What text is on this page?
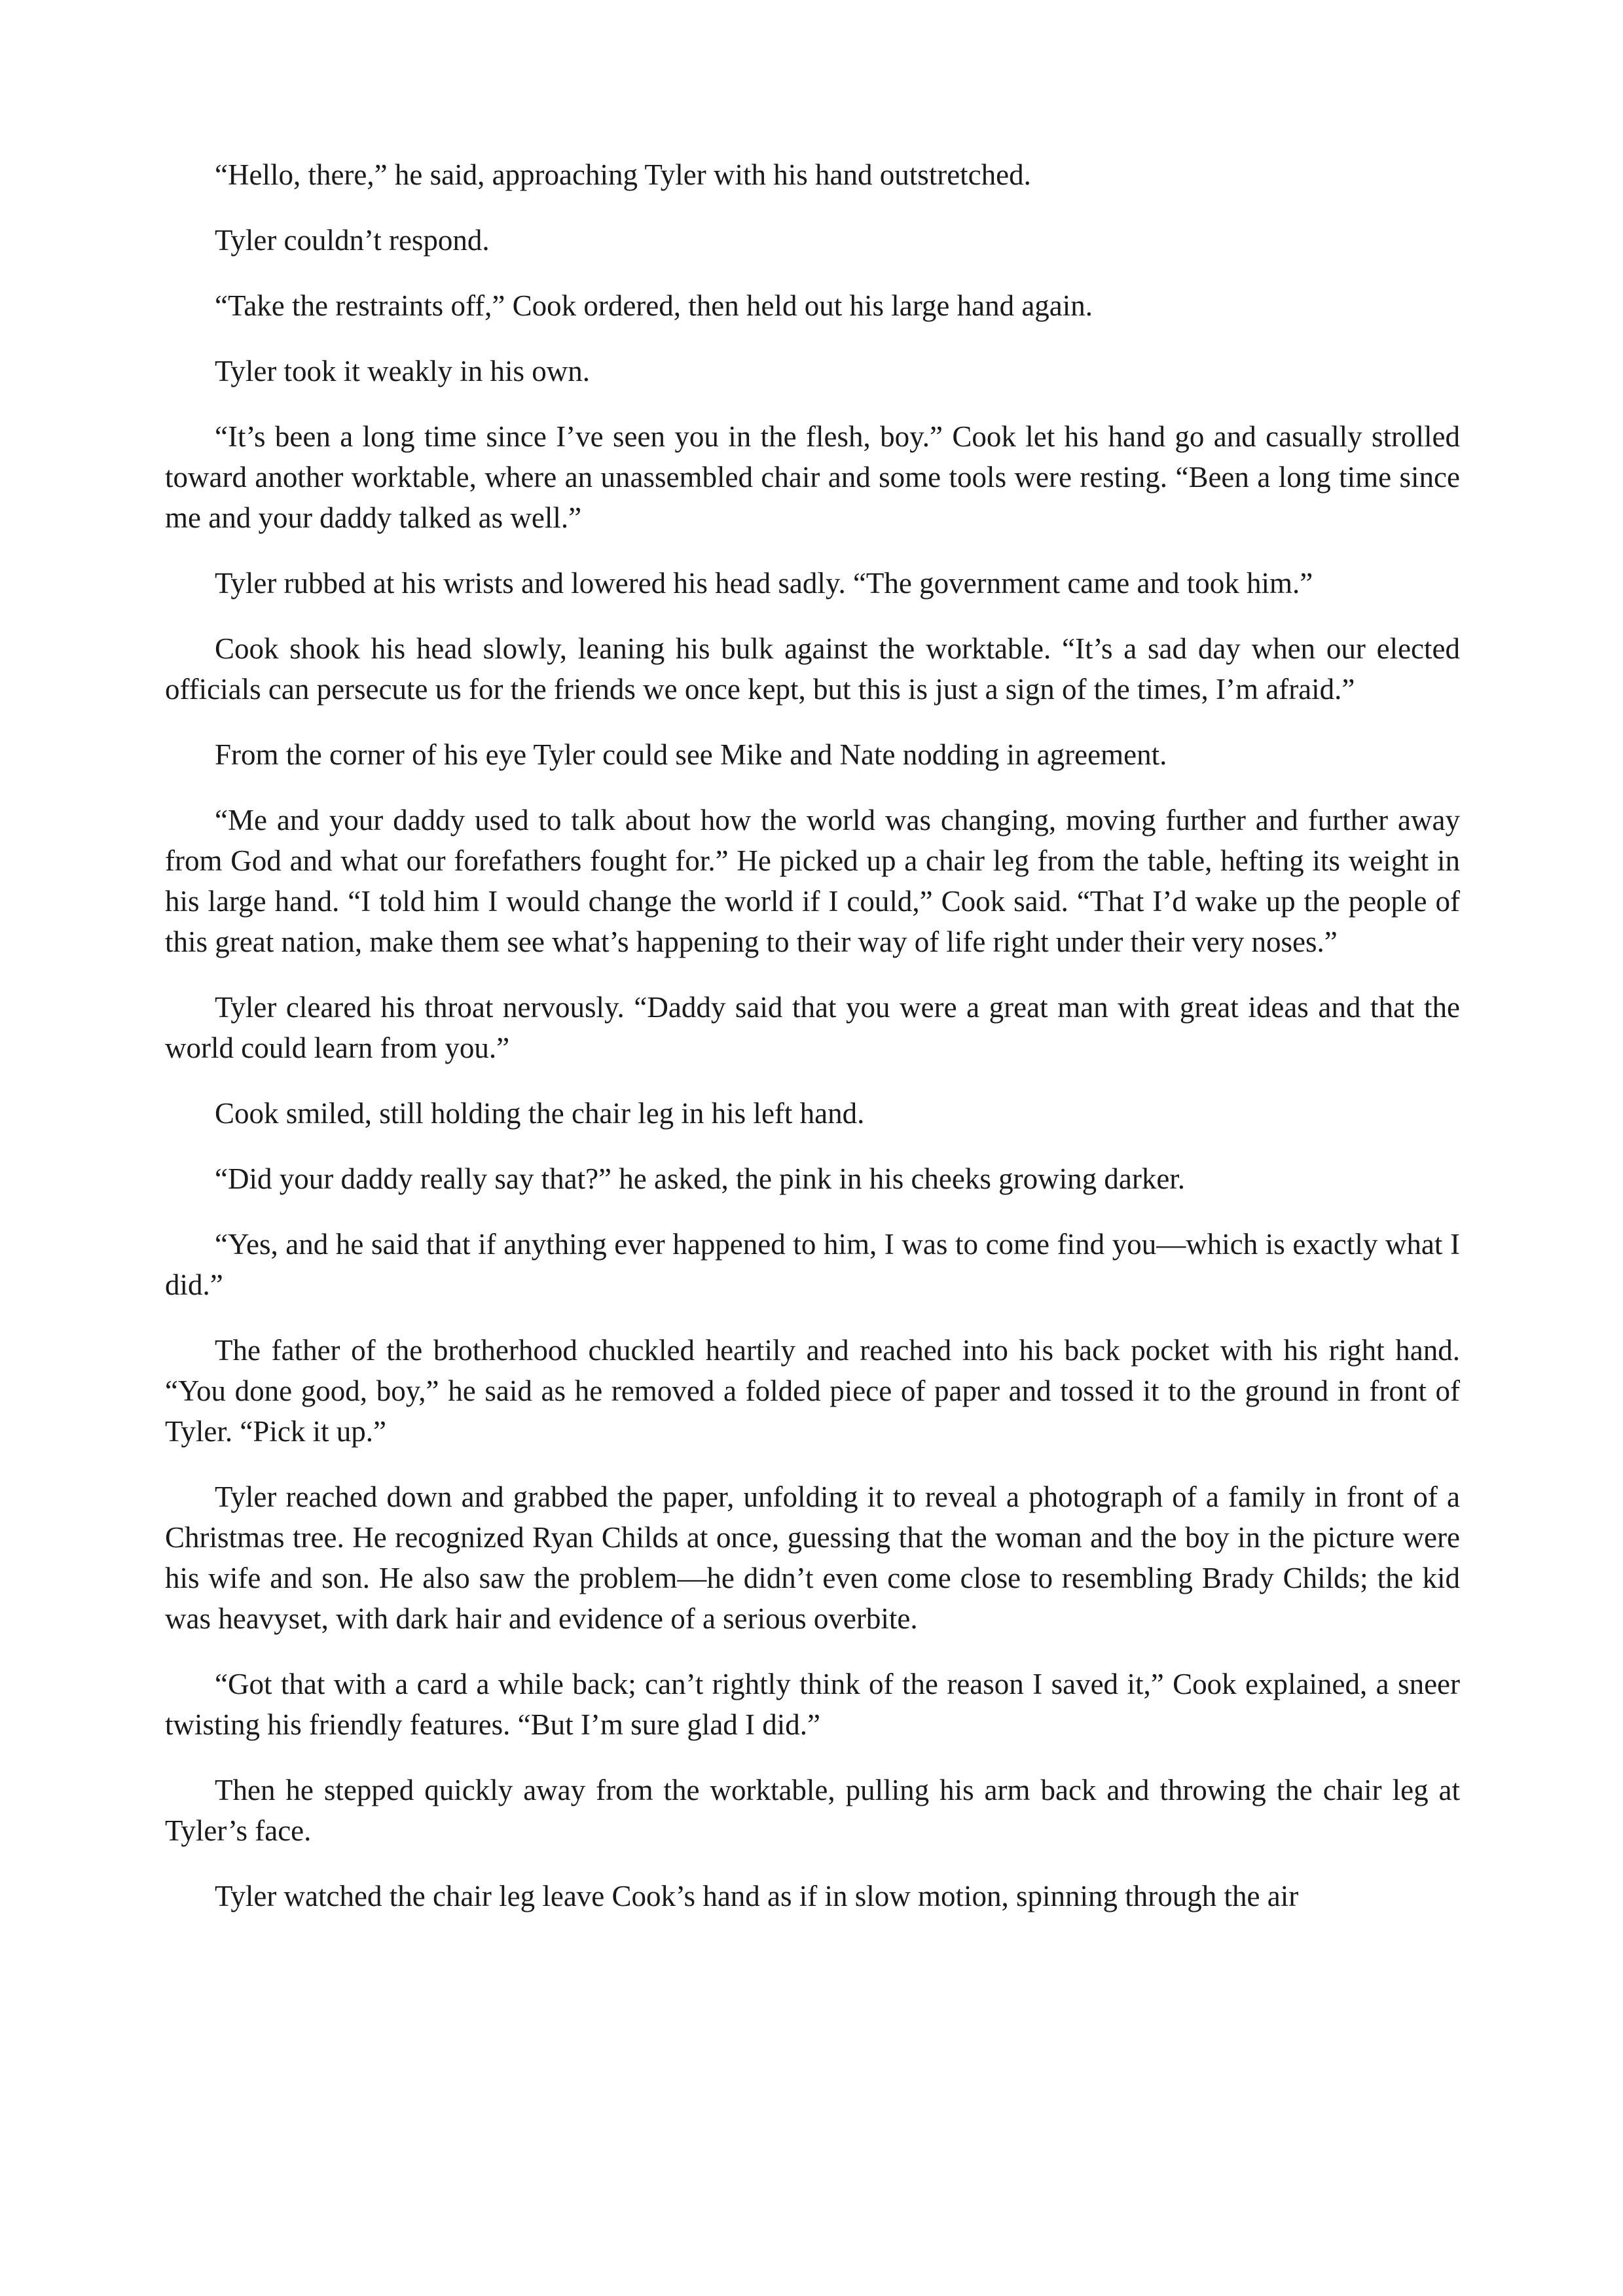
“Hello, there,” he said, approaching Tyler with his hand outstretched.

Tyler couldn’t respond.

“Take the restraints off,” Cook ordered, then held out his large hand again.

Tyler took it weakly in his own.

“It’s been a long time since I’ve seen you in the flesh, boy.” Cook let his hand go and casually strolled toward another worktable, where an unassembled chair and some tools were resting. “Been a long time since me and your daddy talked as well.”

Tyler rubbed at his wrists and lowered his head sadly. “The government came and took him.”

Cook shook his head slowly, leaning his bulk against the worktable. “It’s a sad day when our elected officials can persecute us for the friends we once kept, but this is just a sign of the times, I’m afraid.”

From the corner of his eye Tyler could see Mike and Nate nodding in agreement.

“Me and your daddy used to talk about how the world was changing, moving further and further away from God and what our forefathers fought for.” He picked up a chair leg from the table, hefting its weight in his large hand. “I told him I would change the world if I could,” Cook said. “That I’d wake up the people of this great nation, make them see what’s happening to their way of life right under their very noses.”

Tyler cleared his throat nervously. “Daddy said that you were a great man with great ideas and that the world could learn from you.”

Cook smiled, still holding the chair leg in his left hand.

“Did your daddy really say that?” he asked, the pink in his cheeks growing darker.

“Yes, and he said that if anything ever happened to him, I was to come find you—which is exactly what I did.”

The father of the brotherhood chuckled heartily and reached into his back pocket with his right hand. “You done good, boy,” he said as he removed a folded piece of paper and tossed it to the ground in front of Tyler. “Pick it up.”

Tyler reached down and grabbed the paper, unfolding it to reveal a photograph of a family in front of a Christmas tree. He recognized Ryan Childs at once, guessing that the woman and the boy in the picture were his wife and son. He also saw the problem—he didn’t even come close to resembling Brady Childs; the kid was heavyset, with dark hair and evidence of a serious overbite.

“Got that with a card a while back; can’t rightly think of the reason I saved it,” Cook explained, a sneer twisting his friendly features. “But I’m sure glad I did.”

Then he stepped quickly away from the worktable, pulling his arm back and throwing the chair leg at Tyler’s face.

Tyler watched the chair leg leave Cook’s hand as if in slow motion, spinning through the air
